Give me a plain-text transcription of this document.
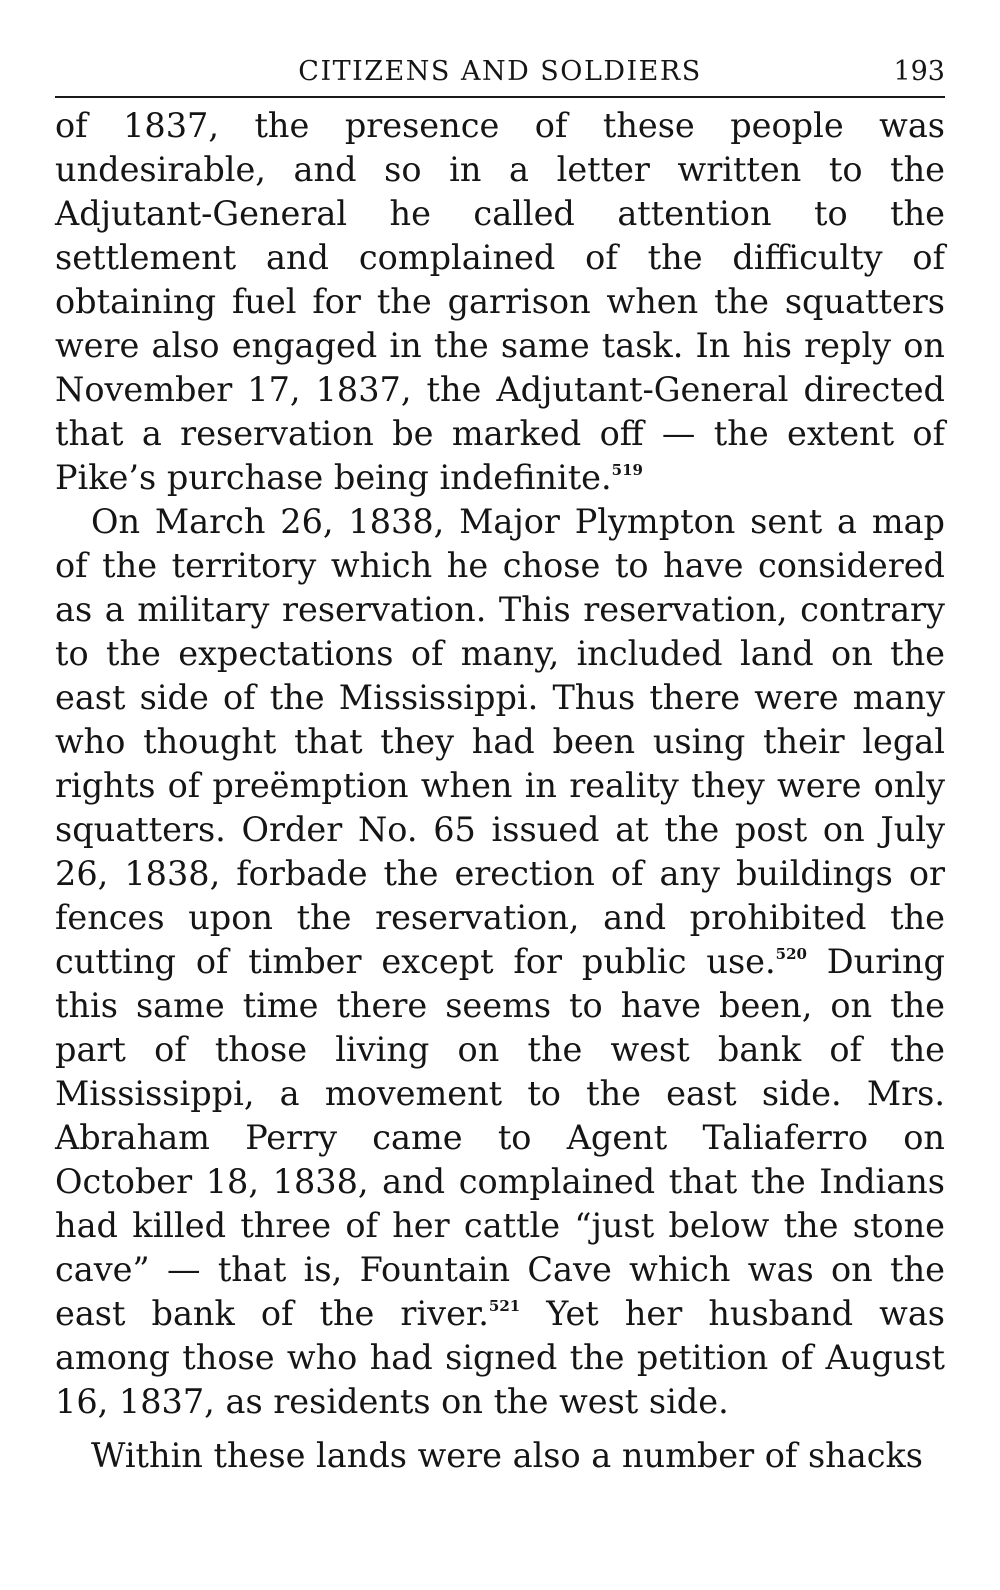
CITIZENS AND SOLDIERS	193

of 1837, the presence of these people was undesirable, and so in a letter written to the Adjutant-General he called attention to the settlement and complained of the difficulty of obtaining fuel for the garrison when the squatters were also engaged in the same task. In his reply on November 17, 1837, the Adjutant-General directed that a reservation be marked off — the extent of Pike’s purchase being indefinite.$^{519}$

On March 26, 1838, Major Plympton sent a map of the territory which he chose to have considered as a military reservation. This reservation, contrary to the expectations of many, included land on the east side of the Mississippi. Thus there were many who thought that they had been using their legal rights of preëmption when in reality they were only squatters. Order No. 65 issued at the post on July 26, 1838, forbade the erection of any buildings or fences upon the reservation, and prohibited the cutting of timber except for public use.$^{520}$ During this same time there seems to have been, on the part of those living on the west bank of the Mississippi, a movement to the east side. Mrs. Abraham Perry came to Agent Taliaferro on October 18, 1838, and complained that the Indians had killed three of her cattle “just below the stone cave” — that is, Fountain Cave which was on the east bank of the river.$^{521}$ Yet her husband was among those who had signed the petition of August 16, 1837, as residents on the west side.

Within these lands were also a number of shacks
